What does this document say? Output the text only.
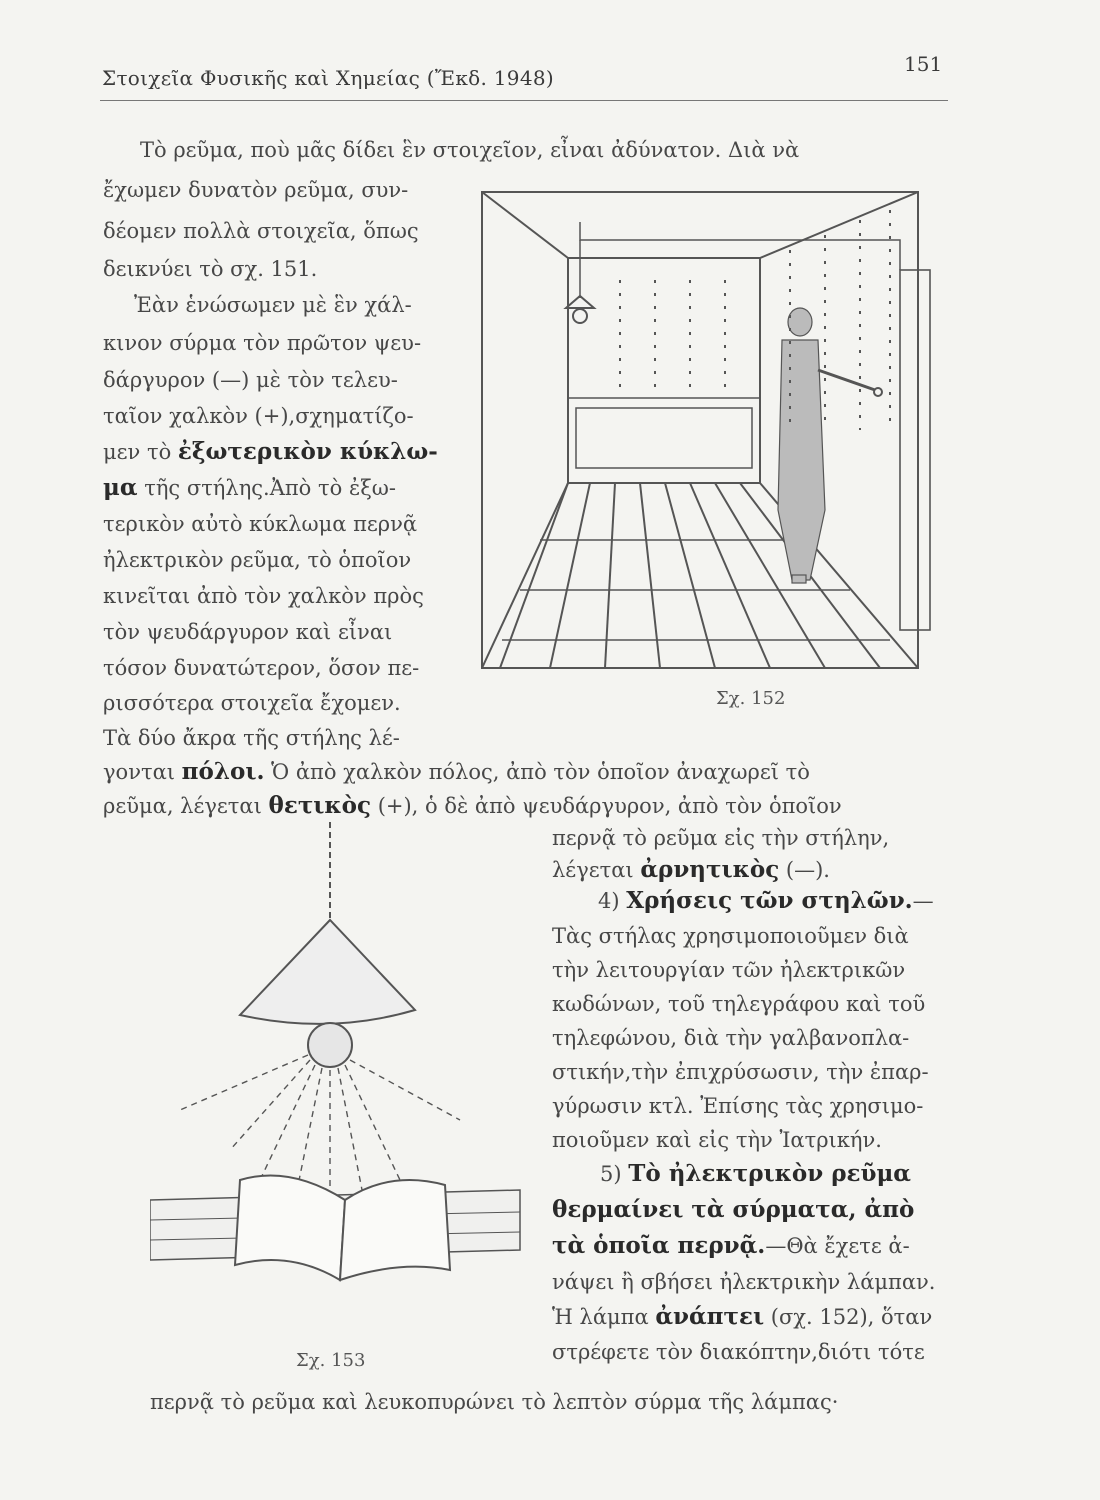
Στοιχεῖα Φυσικῆς καὶ Χημείας (Ἔκδ. 1948)
151
Τὸ ρεῦμα, ποὺ μᾶς δίδει ἓν στοιχεῖον, εἶναι ἀδύνατον. Διὰ νὰ
ἔχωμεν δυνατὸν ρεῦμα, συν-
δέομεν πολλὰ στοιχεῖα, ὅπως
δεικνύει τὸ σχ. 151.
Ἐὰν ἑνώσωμεν μὲ ἓν χάλ-
κινον σύρμα τὸν πρῶτον ψευ-
δάργυρον (—) μὲ τὸν τελευ-
ταῖον χαλκὸν (+),σχηματίζο-
μεν τὸ ἐξωτερικὸν κύκλω-
μα τῆς στήλης.Ἀπὸ τὸ ἐξω-
τερικὸν αὐτὸ κύκλωμα περνᾷ
ἠλεκτρικὸν ρεῦμα, τὸ ὁποῖον
κινεῖται ἀπὸ τὸν χαλκὸν πρὸς
τὸν ψευδάργυρον καὶ εἶναι
τόσον δυνατώτερον, ὅσον πε-
ρισσότερα στοιχεῖα ἔχομεν.
Τὰ δύο ἄκρα τῆς στήλης λέ-
γονται πόλοι. Ὁ ἀπὸ χαλκὸν πόλος, ἀπὸ τὸν ὁποῖον ἀναχωρεῖ τὸ
ρεῦμα, λέγεται θετικὸς (+), ὁ δὲ ἀπὸ ψευδάργυρον, ἀπὸ τὸν ὁποῖον
περνᾷ τὸ ρεῦμα εἰς τὴν στήλην,
λέγεται ἀρνητικὸς (—).
4) Χρήσεις τῶν στηλῶν.—
Τὰς στήλας χρησιμοποιοῦμεν διὰ
τὴν λειτουργίαν τῶν ἠλεκτρικῶν
κωδώνων, τοῦ τηλεγράφου καὶ τοῦ
τηλεφώνου, διὰ τὴν γαλβανοπλα-
στικήν,τὴν ἐπιχρύσωσιν, τὴν ἐπαρ-
γύρωσιν κτλ. Ἐπίσης τὰς χρησιμο-
ποιοῦμεν καὶ εἰς τὴν Ἰατρικήν.
5) Τὸ ἠλεκτρικὸν ρεῦμα
θερμαίνει τὰ σύρματα, ἀπὸ
τὰ ὁποῖα περνᾷ.—Θὰ ἔχετε ἀ-
νάψει ἢ σβήσει ἠλεκτρικὴν λάμπαν.
Ἡ λάμπα ἀνάπτει (σχ. 152), ὅταν
στρέφετε τὸν διακόπτην,διότι τότε
περνᾷ τὸ ρεῦμα καὶ λευκοπυρώνει τὸ λεπτὸν σύρμα τῆς λάμπας·
Σχ. 152
Σχ. 153
